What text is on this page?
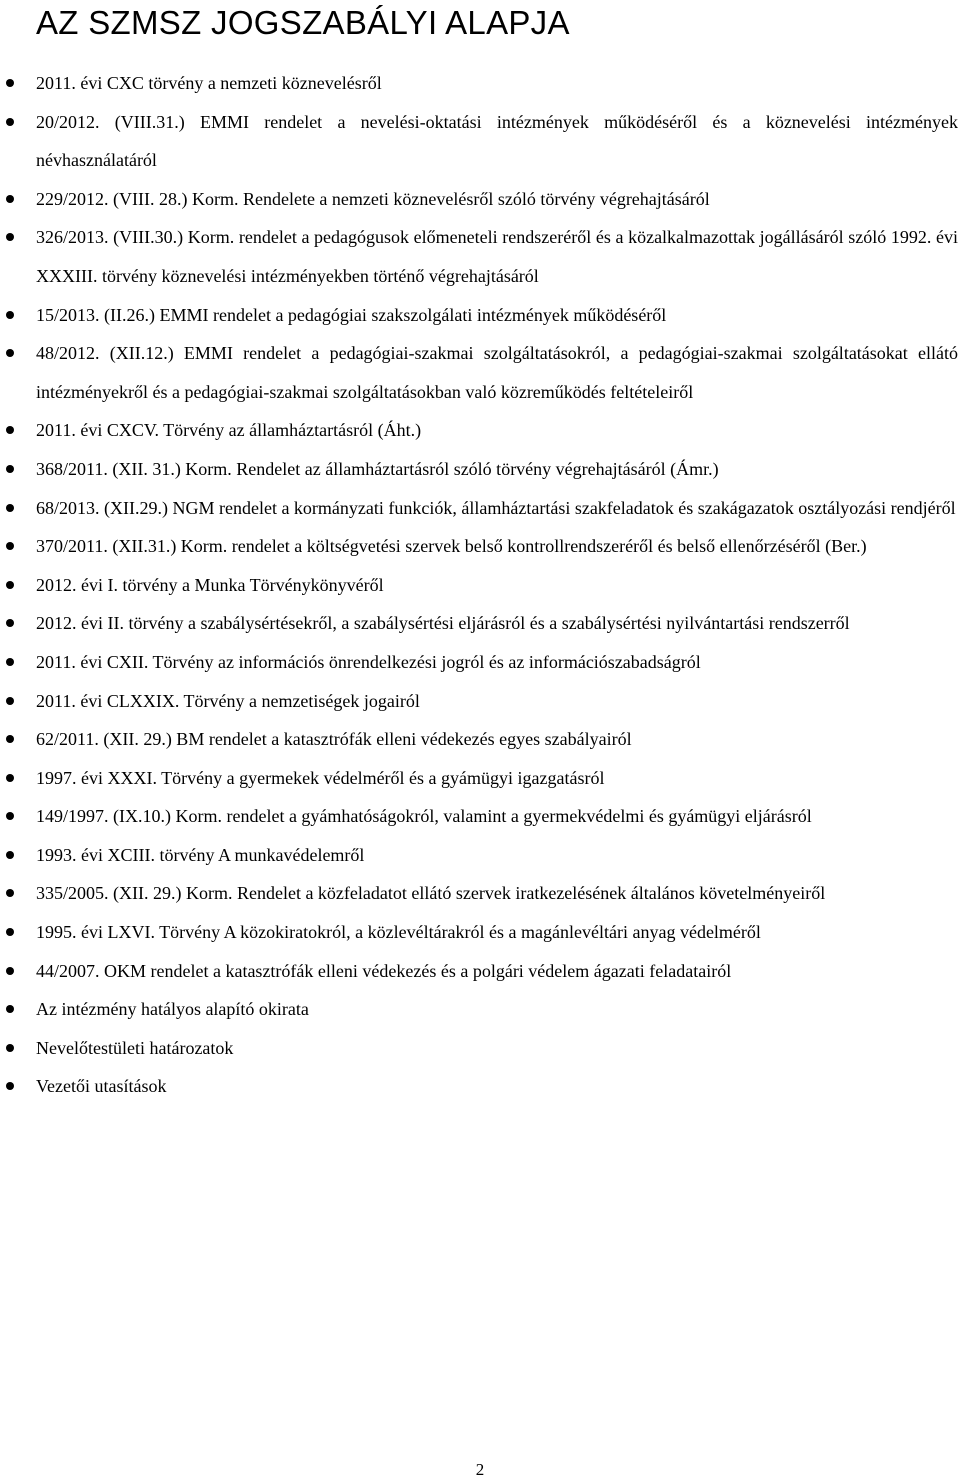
AZ SZMSZ JOGSZABÁLYI ALAPJA
2011. évi CXC törvény a nemzeti köznevelésről
20/2012. (VIII.31.) EMMI rendelet a nevelési-oktatási intézmények működéséről és a köznevelési intézmények névhasználatáról
229/2012. (VIII. 28.) Korm. Rendelete a nemzeti köznevelésről szóló törvény végrehajtásáról
326/2013. (VIII.30.) Korm. rendelet a pedagógusok előmeneteli rendszeréről és a közalkalmazottak jogállásáról szóló 1992. évi XXXIII. törvény köznevelési intézményekben történő végrehajtásáról
15/2013. (II.26.) EMMI rendelet a pedagógiai szakszolgálati intézmények működéséről
48/2012. (XII.12.) EMMI rendelet a pedagógiai-szakmai szolgáltatásokról, a pedagógiai-szakmai szolgáltatásokat ellátó intézményekről és a pedagógiai-szakmai szolgáltatásokban való közreműködés feltételeiről
2011. évi CXCV. Törvény az államháztartásról (Áht.)
368/2011. (XII. 31.) Korm. Rendelet az államháztartásról szóló törvény végrehajtásáról (Ámr.)
68/2013. (XII.29.) NGM rendelet a kormányzati funkciók, államháztartási szakfeladatok és szakágazatok osztályozási rendjéről
370/2011. (XII.31.) Korm. rendelet a költségvetési szervek belső kontrollrendszeréről és belső ellenőrzéséről (Ber.)
2012. évi I. törvény a Munka Törvénykönyvéről
2012. évi II. törvény a szabálysértésekről, a szabálysértési eljárásról és a szabálysértési nyilvántartási rendszerről
2011. évi CXII. Törvény az információs önrendelkezési jogról és az információszabadságról
2011. évi CLXXIX. Törvény a nemzetiségek jogairól
62/2011. (XII. 29.) BM rendelet a katasztrófák elleni védekezés egyes szabályairól
1997. évi XXXI. Törvény a gyermekek védelméről és a gyámügyi igazgatásról
149/1997. (IX.10.) Korm. rendelet a gyámhatóságokról, valamint a gyermekvédelmi és gyámügyi eljárásról
1993. évi XCIII. törvény A munkavédelemről
335/2005. (XII. 29.) Korm. Rendelet a közfeladatot ellátó szervek iratkezelésének általános követelményeiről
1995. évi LXVI. Törvény A közokiratokról, a közlevéltárakról és a magánlevéltári anyag védelméről
44/2007. OKM rendelet a katasztrófák elleni védekezés és a polgári védelem ágazati feladatairól
Az intézmény hatályos alapító okirata
Nevelőtestületi határozatok
Vezetői utasítások
2
